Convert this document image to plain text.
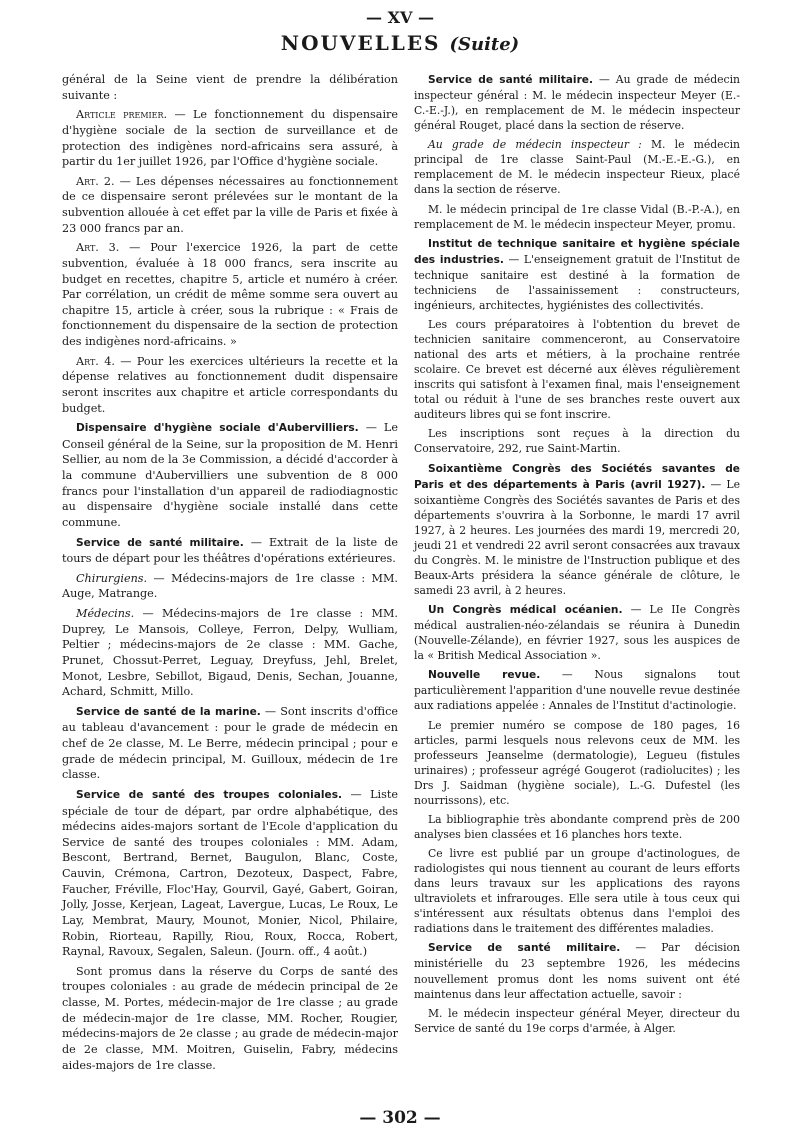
— XV —
NOUVELLES (Suite)

général de la Seine vient de prendre la délibération suivante :

Article premier. — Le fonctionnement du dispensaire d'hygiène sociale de la section de surveillance et de protection des indigènes nord-africains sera assuré, à partir du 1er juillet 1926, par l'Office d'hygiène sociale.

Art. 2. — Les dépenses nécessaires au fonctionnement de ce dispensaire seront prélevées sur le montant de la subvention allouée à cet effet par la ville de Paris et fixée à 23 000 francs par an.

Art. 3. — Pour l'exercice 1926, la part de cette subvention, évaluée à 18 000 francs, sera inscrite au budget en recettes, chapitre 5, article et numéro à créer. Par corrélation, un crédit de même somme sera ouvert au chapitre 15, article à créer, sous la rubrique : « Frais de fonctionnement du dispensaire de la section de protection des indigènes nord-africains. »

Art. 4. — Pour les exercices ultérieurs la recette et la dépense relatives au fonctionnement dudit dispensaire seront inscrites aux chapitre et article correspondants du budget.

Dispensaire d'hygiène sociale d'Aubervilliers. — Le Conseil général de la Seine, sur la proposition de M. Henri Sellier, au nom de la 3e Commission, a décidé d'accorder à la commune d'Aubervilliers une subvention de 8 000 francs pour l'installation d'un appareil de radiodiagnostic au dispensaire d'hygiène sociale installé dans cette commune.

Service de santé militaire. — Extrait de la liste de tours de départ pour les théâtres d'opérations extérieures.

Chirurgiens. — Médecins-majors de 1re classe : MM. Auge, Matrange.

Médecins. — Médecins-majors de 1re classe : MM. Duprey, Le Mansois, Colleye, Ferron, Delpy, Wulliam, Peltier ; médecins-majors de 2e classe : MM. Gache, Prunet, Chossut-Perret, Leguay, Dreyfuss, Jehl, Brelet, Monot, Lesbre, Sebillot, Bigaud, Denis, Sechan, Jouanne, Achard, Schmitt, Millo.

Service de santé de la marine. — Sont inscrits d'office au tableau d'avancement : pour le grade de médecin en chef de 2e classe, M. Le Berre, médecin principal ; pour e grade de médecin principal, M. Guilloux, médecin de 1re classe.

Service de santé des troupes coloniales. — Liste spéciale de tour de départ, par ordre alphabétique, des médecins aides-majors sortant de l'Ecole d'application du Service de santé des troupes coloniales : MM. Adam, Bescont, Bertrand, Bernet, Baugulon, Blanc, Coste, Cauvin, Crémona, Cartron, Dezoteux, Daspect, Fabre, Faucher, Fréville, Floc'Hay, Gourvil, Gayé, Gabert, Goiran, Jolly, Josse, Kerjean, Lageat, Lavergue, Lucas, Le Roux, Le Lay, Membrat, Maury, Mounot, Monier, Nicol, Philaire, Robin, Riorteau, Rapilly, Riou, Roux, Rocca, Robert, Raynal, Ravoux, Segalen, Saleun. (Journ. off., 4 août.)

Sont promus dans la réserve du Corps de santé des troupes coloniales : au grade de médecin principal de 2e classe, M. Portes, médecin-major de 1re classe ; au grade de médecin-major de 1re classe, MM. Rocher, Rougier, médecins-majors de 2e classe ; au grade de médecin-major de 2e classe, MM. Moitren, Guiselin, Fabry, médecins aides-majors de 1re classe.

Service de santé militaire. — Au grade de médecin inspecteur général : M. le médecin inspecteur Meyer (E.-C.-E.-J.), en remplacement de M. le médecin inspecteur général Rouget, placé dans la section de réserve.

Au grade de médecin inspecteur : M. le médecin principal de 1re classe Saint-Paul (M.-E.-E.-G.), en remplacement de M. le médecin inspecteur Rieux, placé dans la section de réserve.

M. le médecin principal de 1re classe Vidal (B.-P.-A.), en remplacement de M. le médecin inspecteur Meyer, promu.

Institut de technique sanitaire et hygiène spéciale des industries. — L'enseignement gratuit de l'Institut de technique sanitaire est destiné à la formation de techniciens de l'assainissement : constructeurs, ingénieurs, architectes, hygiénistes des collectivités.

Les cours préparatoires à l'obtention du brevet de technicien sanitaire commenceront, au Conservatoire national des arts et métiers, à la prochaine rentrée scolaire. Ce brevet est décerné aux élèves régulièrement inscrits qui satisfont à l'examen final, mais l'enseignement total ou réduit à l'une de ses branches reste ouvert aux auditeurs libres qui se font inscrire.

Les inscriptions sont reçues à la direction du Conservatoire, 292, rue Saint-Martin.

Soixantième Congrès des Sociétés savantes de Paris et des départements à Paris (avril 1927). — Le soixantième Congrès des Sociétés savantes de Paris et des départements s'ouvrira à la Sorbonne, le mardi 17 avril 1927, à 2 heures. Les journées des mardi 19, mercredi 20, jeudi 21 et vendredi 22 avril seront consacrées aux travaux du Congrès. M. le ministre de l'Instruction publique et des Beaux-Arts présidera la séance générale de clôture, le samedi 23 avril, à 2 heures.

Un Congrès médical océanien. — Le IIe Congrès médical australien-néo-zélandais se réunira à Dunedin (Nouvelle-Zélande), en février 1927, sous les auspices de la « British Medical Association ».

Nouvelle revue. — Nous signalons tout particulièrement l'apparition d'une nouvelle revue destinée aux radiations appelée : Annales de l'Institut d'actinologie.

Le premier numéro se compose de 180 pages, 16 articles, parmi lesquels nous relevons ceux de MM. les professeurs Jeanselme (dermatologie), Legueu (fistules urinaires) ; professeur agrégé Gougerot (radiolucites) ; les Drs J. Saidman (hygiène sociale), L.-G. Dufestel (les nourrissons), etc.

La bibliographie très abondante comprend près de 200 analyses bien classées et 16 planches hors texte.

Ce livre est publié par un groupe d'actinologues, de radiologistes qui nous tiennent au courant de leurs efforts dans leurs travaux sur les applications des rayons ultraviolets et infrarouges. Elle sera utile à tous ceux qui s'intéressent aux résultats obtenus dans l'emploi des radiations dans le traitement des différentes maladies.

Service de santé militaire. — Par décision ministérielle du 23 septembre 1926, les médecins nouvellement promus dont les noms suivent ont été maintenus dans leur affectation actuelle, savoir :

M. le médecin inspecteur général Meyer, directeur du Service de santé du 19e corps d'armée, à Alger.

— 302 —
